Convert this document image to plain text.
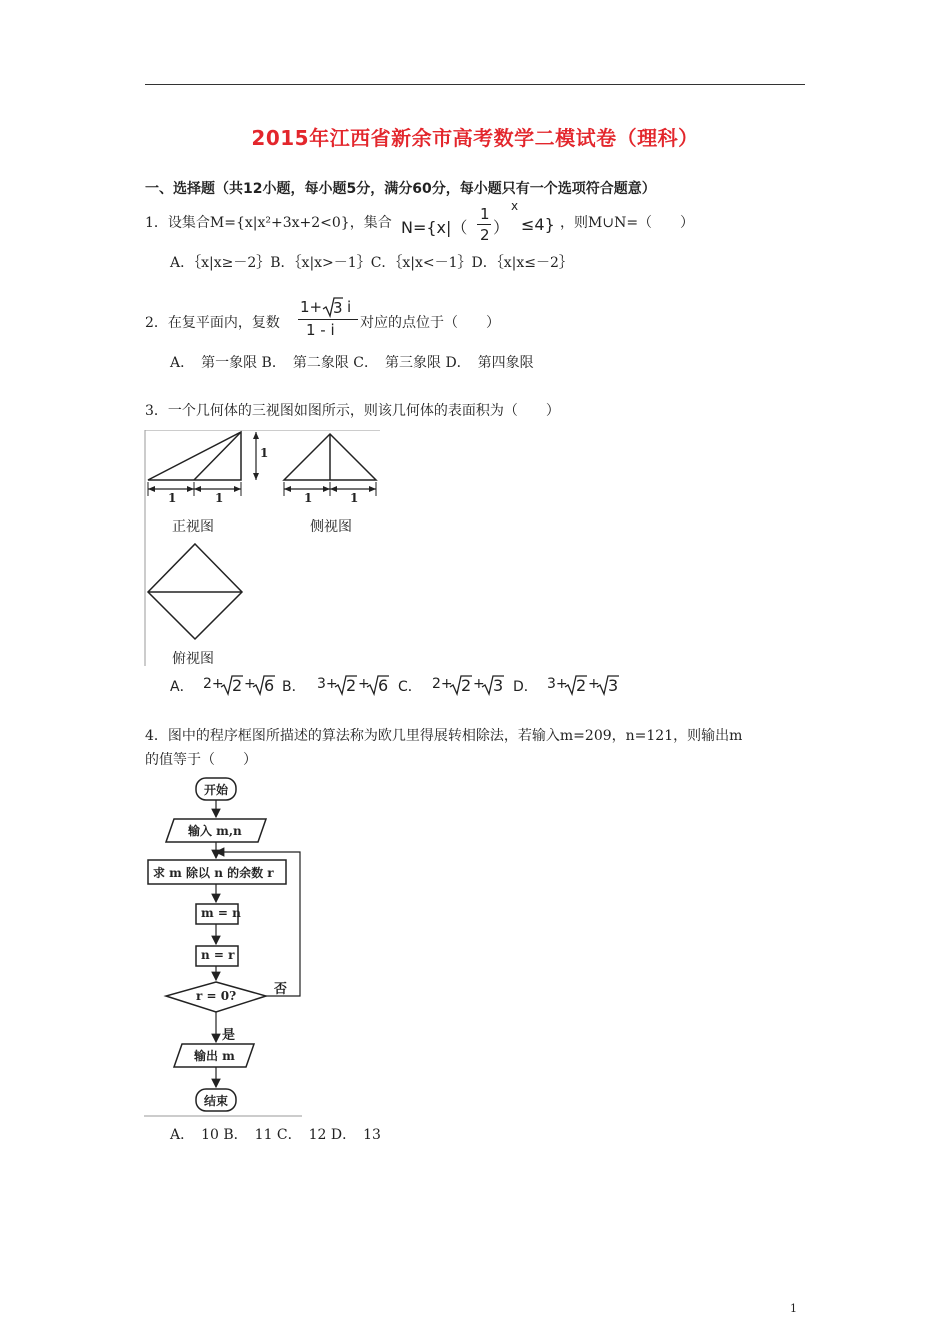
2015年江西省新余市高考数学二模试卷（理科）
一、选择题（共12小题，每小题5分，满分60分，每小题只有一个选项符合题意）
1．设集合M={x|x²+3x+2<0}，集合 N={x|（
1
2 ）
x
≤4} ，则M∪N=（　　）
A．｛x|x≥－2｝B．｛x|x>－1｝C．｛x|x<－1｝D．｛x|x≤－2｝
2．在复平面内，复数
1+ 3 i
1 - i 对应的点位于（　　）
A．　第一象限 B．　第二象限 C．　第三象限 D．　第四象限
3．一个几何体的三视图如图所示，则该几何体的表面积为（　　）
1
1	1	1	1
正视图	侧视图
俯视图
A． 2+ 2 + 6 B． 3+ 2 + 6 C． 2+ 2 + 3 D． 3+ 2 + 3
4．图中的程序框图所描述的算法称为欧几里得展转相除法，若输入m=209，n=121，则输出m
的值等于（　　）
开始
输入 m,n
求 m 除以 n 的余数 r
m = n
n = r
r = 0?	否
是
输出 m
结束
A．　10 B．　11 C．　12 D．　13
1
